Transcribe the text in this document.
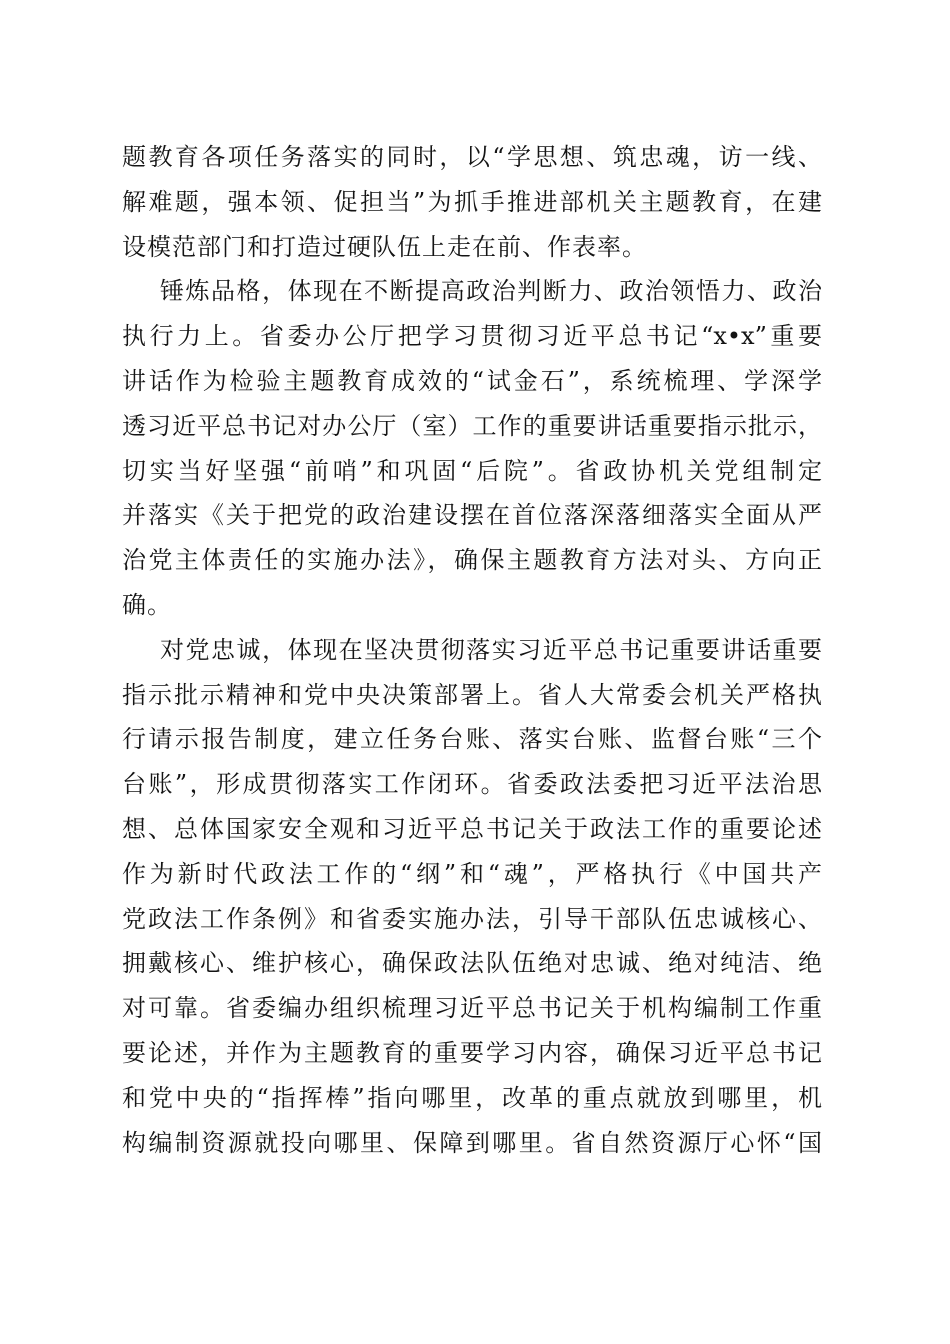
题教育各项任务落实的同时，以“学思想、筑忠魂，访一线、
解难题，强本领、促担当”为抓手推进部机关主题教育，在建
设模范部门和打造过硬队伍上走在前、作表率。
锤炼品格，体现在不断提高政治判断力、政治领悟力、政治
执行力上。省委办公厅把学习贯彻习近平总书记“x•x”重要
讲话作为检验主题教育成效的“试金石”，系统梳理、学深学
透习近平总书记对办公厅（室）工作的重要讲话重要指示批示，
切实当好坚强“前哨”和巩固“后院”。省政协机关党组制定
并落实《关于把党的政治建设摆在首位落深落细落实全面从严
治党主体责任的实施办法》，确保主题教育方法对头、方向正
确。
对党忠诚，体现在坚决贯彻落实习近平总书记重要讲话重要
指示批示精神和党中央决策部署上。省人大常委会机关严格执
行请示报告制度，建立任务台账、落实台账、监督台账“三个
台账”，形成贯彻落实工作闭环。省委政法委把习近平法治思
想、总体国家安全观和习近平总书记关于政法工作的重要论述
作为新时代政法工作的“纲”和“魂”，严格执行《中国共产
党政法工作条例》和省委实施办法，引导干部队伍忠诚核心、
拥戴核心、维护核心，确保政法队伍绝对忠诚、绝对纯洁、绝
对可靠。省委编办组织梳理习近平总书记关于机构编制工作重
要论述，并作为主题教育的重要学习内容，确保习近平总书记
和党中央的“指挥棒”指向哪里，改革的重点就放到哪里，机
构编制资源就投向哪里、保障到哪里。省自然资源厅心怀“国
